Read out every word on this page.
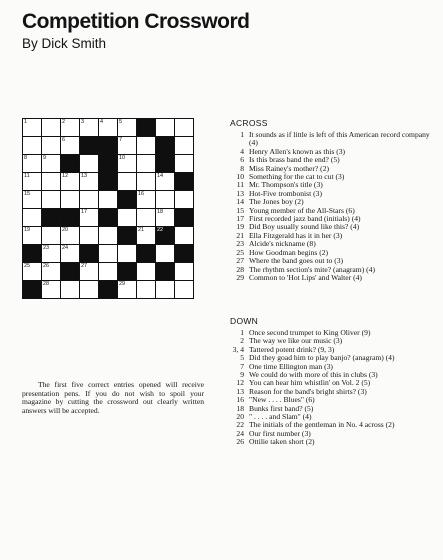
Competition Crossword
By Dick Smith
1	2	3	4	5
6	7
8	9	10
11	12 13	14
15	16
17	18
19	20	21 22
23 24
25 26	27
28	29
ACROSS
1 It sounds as if little is left of this American record company (4)
4 Henry Allen's known as this (3)
6 Is this brass band the end? (5)
8 Miss Rainey's mother? (2)
10 Something for the cat to cut (3)
11 Mr. Thompson's title (3)
13 Hot-Five trombonist (3)
14 The Jones boy (2)
15 Young member of the All-Stars (6)
17 First recorded jazz band (initials) (4)
19 Did Boy usually sound like this? (4)
21 Ella Fitzgerald has it in her (3)
23 Alcide's nickname (8)
25 How Goodman begins (2)
27 Where the band goes out to (3)
28 The rhythm section's mite? (anagram) (4)
29 Common to 'Hot Lips' and Walter (4)
DOWN
1 Once second trumpet to King Oliver (9)
2 The way we like our music (3)
3, 4 Tattered potent drink? (9, 3)
5 Did they goad him to play banjo? (anagram) (4)
7 One time Ellington man (3)
9 We could do with more of this in clubs (3)
12 You can hear him whistlin' on Vol. 2 (5)
13 Reason for the band's bright shirts? (3)
16 "New . . . . Blues" (6)
18 Bunks first band? (5)
20 " . . . . and Slam" (4)
22 The initials of the gentleman in No. 4 across (2)
24 Our first number (3)
26 Ottilie taken short (2)
The first five correct entries opened will receive presentation pens. If you do not wish to spoil your magazine by cutting the crossword out clearly written answers will be accepted.
